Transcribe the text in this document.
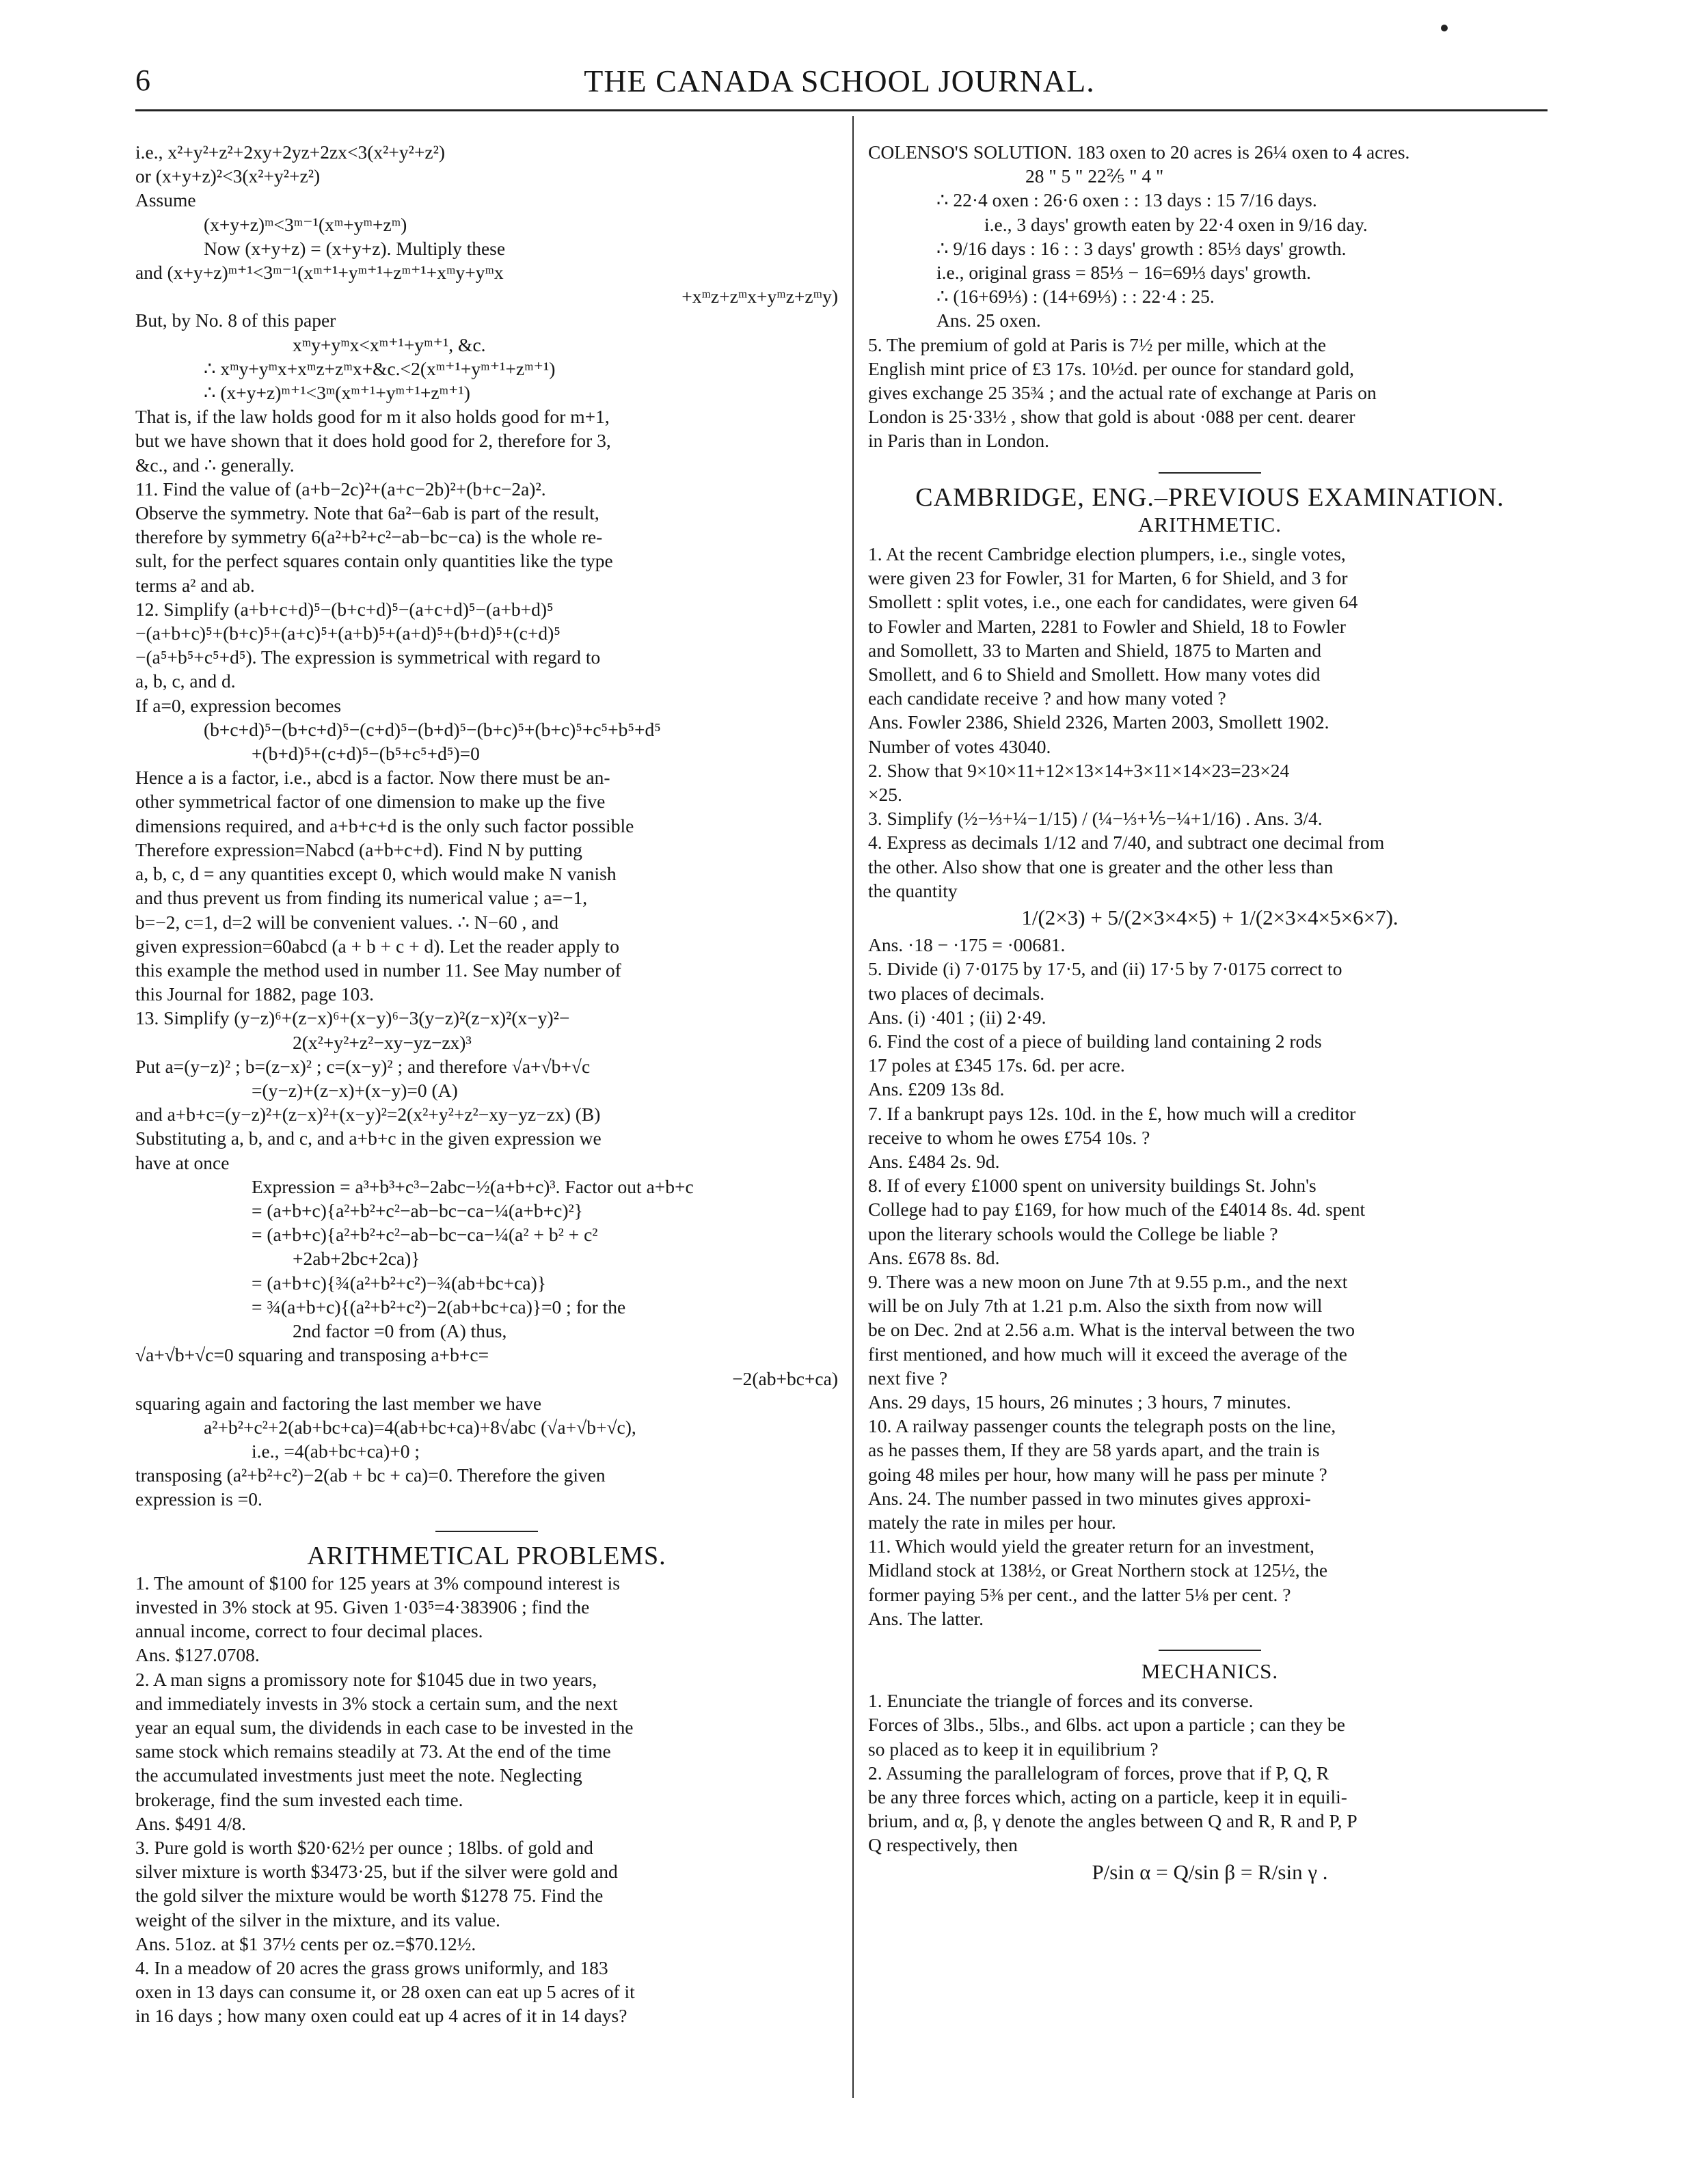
6	THE CANADA SCHOOL JOURNAL.
i.e., x²+y²+z²+2xy+2yz+2zx<3(x²+y²+z²)
or (x+y+z)²<3(x²+y²+z²)
Assume
(x+y+z)ᵐ<3ᵐ⁻¹(xᵐ+yᵐ+zᵐ)
Now (x+y+z) = (x+y+z). Multiply these
and (x+y+z)ᵐ⁺¹<3ᵐ⁻¹(xᵐ⁺¹+yᵐ⁺¹+zᵐ⁺¹+xᵐy+yᵐx
+xᵐz+zᵐx+yᵐz+zᵐy)
But, by No. 8 of this paper
xᵐy+yᵐx<xᵐ⁺¹+yᵐ⁺¹, &c.
∴ xᵐy+yᵐx+xᵐz+zᵐx+&c.<2(xᵐ⁺¹+yᵐ⁺¹+zᵐ⁺¹)
∴ (x+y+z)ᵐ⁺¹<3ᵐ(xᵐ⁺¹+yᵐ⁺¹+zᵐ⁺¹)
That is, if the law holds good for m it also holds good for m+1,
but we have shown that it does hold good for 2, therefore for 3,
&c., and ∴ generally.
11. Find the value of (a+b−2c)²+(a+c−2b)²+(b+c−2a)².
Observe the symmetry. Note that 6a²−6ab is part of the result,
therefore by symmetry 6(a²+b²+c²−ab−bc−ca) is the whole re-
sult, for the perfect squares contain only quantities like the type
terms a² and ab.
12. Simplify (a+b+c+d)⁵−(b+c+d)⁵−(a+c+d)⁵−(a+b+d)⁵
−(a+b+c)⁵+(b+c)⁵+(a+c)⁵+(a+b)⁵+(a+d)⁵+(b+d)⁵+(c+d)⁵
−(a⁵+b⁵+c⁵+d⁵). The expression is symmetrical with regard to
a, b, c, and d.
If a=0, expression becomes
(b+c+d)⁵−(b+c+d)⁵−(c+d)⁵−(b+d)⁵−(b+c)⁵+(b+c)⁵+c⁵+b⁵+d⁵
+(b+d)⁵+(c+d)⁵−(b⁵+c⁵+d⁵)=0
Hence a is a factor, i.e., abcd is a factor. Now there must be an-
other symmetrical factor of one dimension to make up the five
dimensions required, and a+b+c+d is the only such factor possible
Therefore expression=Nabcd (a+b+c+d). Find N by putting
a, b, c, d = any quantities except 0, which would make N vanish
and thus prevent us from finding its numerical value ; a=−1,
b=−2, c=1, d=2 will be convenient values. ∴ N−60 , and
given expression=60abcd (a + b + c + d). Let the reader apply to
this example the method used in number 11. See May number of
this Journal for 1882, page 103.
13. Simplify (y−z)⁶+(z−x)⁶+(x−y)⁶−3(y−z)²(z−x)²(x−y)²−
2(x²+y²+z²−xy−yz−zx)³
Put a=(y−z)² ; b=(z−x)² ; c=(x−y)² ; and therefore √a+√b+√c
=(y−z)+(z−x)+(x−y)=0 (A)
and a+b+c=(y−z)²+(z−x)²+(x−y)²=2(x²+y²+z²−xy−yz−zx) (B)
Substituting a, b, and c, and a+b+c in the given expression we
have at once
Expression = a³+b³+c³−2abc−½(a+b+c)³. Factor out a+b+c
= (a+b+c){a²+b²+c²−ab−bc−ca−¼(a+b+c)²}
= (a+b+c){a²+b²+c²−ab−bc−ca−¼(a² + b² + c²
+2ab+2bc+2ca)}
= (a+b+c){¾(a²+b²+c²)−¾(ab+bc+ca)}
= ¾(a+b+c){(a²+b²+c²)−2(ab+bc+ca)}=0 ; for the
2nd factor =0 from (A) thus,
√a+√b+√c=0 squaring and transposing a+b+c=
−2(ab+bc+ca)
squaring again and factoring the last member we have
a²+b²+c²+2(ab+bc+ca)=4(ab+bc+ca)+8√abc (√a+√b+√c),
i.e., =4(ab+bc+ca)+0 ;
transposing (a²+b²+c²)−2(ab + bc + ca)=0. Therefore the given
expression is =0.
ARITHMETICAL PROBLEMS.
1. The amount of $100 for 125 years at 3% compound interest is
invested in 3% stock at 95. Given 1·03⁵=4·383906 ; find the
annual income, correct to four decimal places.
Ans. $127.0708.
2. A man signs a promissory note for $1045 due in two years,
and immediately invests in 3% stock a certain sum, and the next
year an equal sum, the dividends in each case to be invested in the
same stock which remains steadily at 73. At the end of the time
the accumulated investments just meet the note. Neglecting
brokerage, find the sum invested each time.
Ans. $491 4/8.
3. Pure gold is worth $20·62½ per ounce ; 18lbs. of gold and
silver mixture is worth $3473·25, but if the silver were gold and
the gold silver the mixture would be worth $1278 75. Find the
weight of the silver in the mixture, and its value.
Ans. 51oz. at $1 37½ cents per oz.=$70.12½.
4. In a meadow of 20 acres the grass grows uniformly, and 183
oxen in 13 days can consume it, or 28 oxen can eat up 5 acres of it
in 16 days ; how many oxen could eat up 4 acres of it in 14 days?
COLENSO'S SOLUTION. 183 oxen to 20 acres is 26¼ oxen to 4 acres.
28 " 5 " 22⅖ " 4 "
∴ 22·4 oxen : 26·6 oxen : : 13 days : 15 7/16 days.
i.e., 3 days' growth eaten by 22·4 oxen in 9/16 day.
∴ 9/16 days : 16 : : 3 days' growth : 85⅓ days' growth.
i.e., original grass = 85⅓ − 16=69⅓ days' growth.
∴ (16+69⅓) : (14+69⅓) : : 22·4 : 25.
Ans. 25 oxen.
5. The premium of gold at Paris is 7½ per mille, which at the
English mint price of £3 17s. 10½d. per ounce for standard gold,
gives exchange 25 35¾ ; and the actual rate of exchange at Paris on
London is 25·33½ , show that gold is about ·088 per cent. dearer
in Paris than in London.
CAMBRIDGE, ENG.–PREVIOUS EXAMINATION.
ARITHMETIC.
1. At the recent Cambridge election plumpers, i.e., single votes,
were given 23 for Fowler, 31 for Marten, 6 for Shield, and 3 for
Smollett : split votes, i.e., one each for candidates, were given 64
to Fowler and Marten, 2281 to Fowler and Shield, 18 to Fowler
and Somollett, 33 to Marten and Shield, 1875 to Marten and
Smollett, and 6 to Shield and Smollett. How many votes did
each candidate receive ? and how many voted ?
Ans. Fowler 2386, Shield 2326, Marten 2003, Smollett 1902.
Number of votes 43040.
2. Show that 9×10×11+12×13×14+3×11×14×23=23×24
×25.
3. Simplify (½−⅓+¼−1/15) / (¼−⅓+⅕−¼+1/16) . Ans. 3/4.
4. Express as decimals 1/12 and 7/40, and subtract one decimal from
the other. Also show that one is greater and the other less than
the quantity
1/(2×3) + 5/(2×3×4×5) + 1/(2×3×4×5×6×7).
Ans. ·18 − ·175 = ·00681.
5. Divide (i) 7·0175 by 17·5, and (ii) 17·5 by 7·0175 correct to
two places of decimals.
Ans. (i) ·401 ; (ii) 2·49.
6. Find the cost of a piece of building land containing 2 rods
17 poles at £345 17s. 6d. per acre.
Ans. £209 13s 8d.
7. If a bankrupt pays 12s. 10d. in the £, how much will a creditor
receive to whom he owes £754 10s. ?
Ans. £484 2s. 9d.
8. If of every £1000 spent on university buildings St. John's
College had to pay £169, for how much of the £4014 8s. 4d. spent
upon the literary schools would the College be liable ?
Ans. £678 8s. 8d.
9. There was a new moon on June 7th at 9.55 p.m., and the next
will be on July 7th at 1.21 p.m. Also the sixth from now will
be on Dec. 2nd at 2.56 a.m. What is the interval between the two
first mentioned, and how much will it exceed the average of the
next five ?
Ans. 29 days, 15 hours, 26 minutes ; 3 hours, 7 minutes.
10. A railway passenger counts the telegraph posts on the line,
as he passes them, If they are 58 yards apart, and the train is
going 48 miles per hour, how many will he pass per minute ?
Ans. 24. The number passed in two minutes gives approxi-
mately the rate in miles per hour.
11. Which would yield the greater return for an investment,
Midland stock at 138½, or Great Northern stock at 125½, the
former paying 5⅜ per cent., and the latter 5⅛ per cent. ?
Ans. The latter.
MECHANICS.
1. Enunciate the triangle of forces and its converse.
Forces of 3lbs., 5lbs., and 6lbs. act upon a particle ; can they be
so placed as to keep it in equilibrium ?
2. Assuming the parallelogram of forces, prove that if P, Q, R
be any three forces which, acting on a particle, keep it in equili-
brium, and α, β, γ denote the angles between Q and R, R and P, P
Q respectively, then
P/sin α = Q/sin β = R/sin γ .
